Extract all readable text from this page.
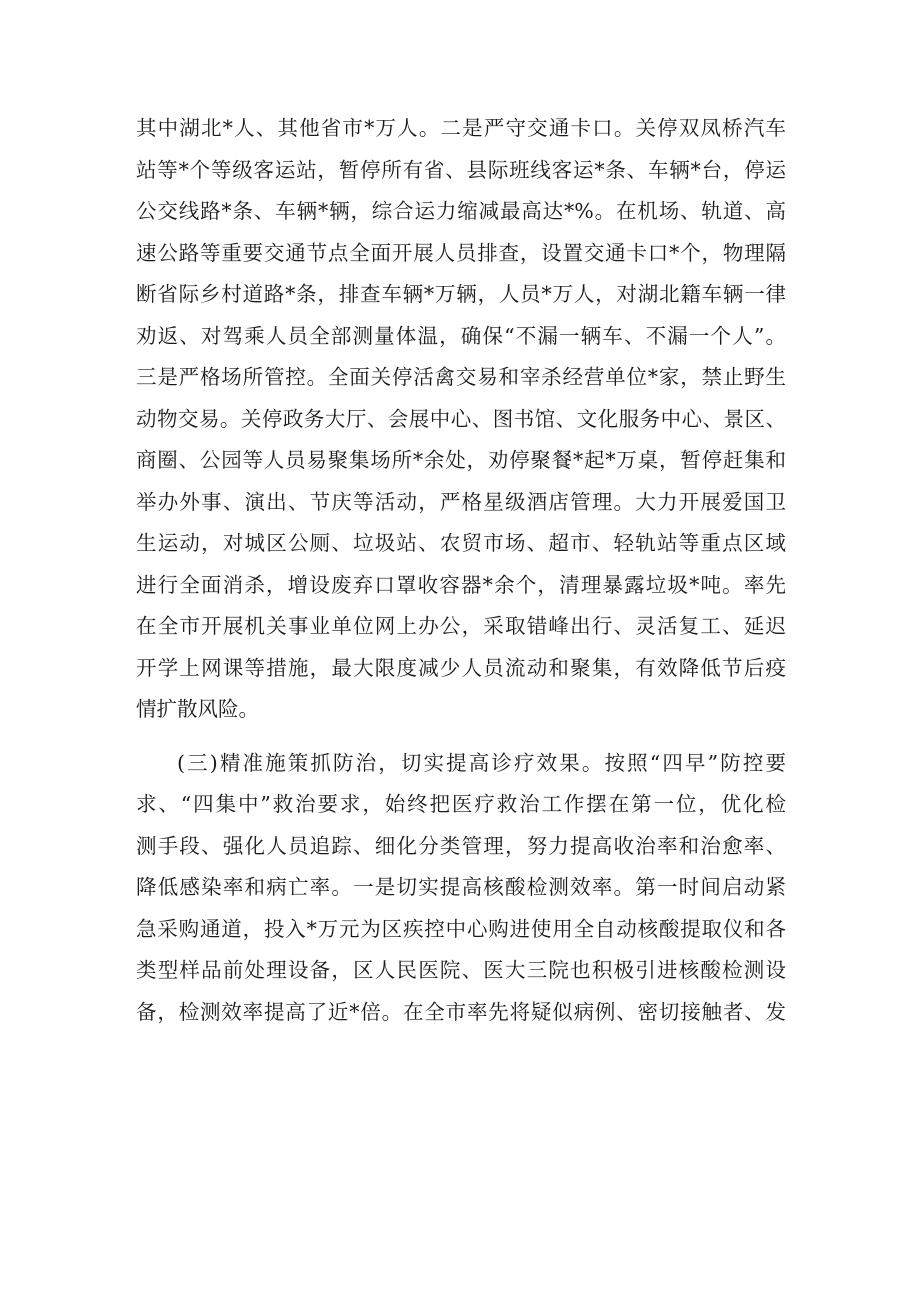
其中湖北*人、其他省市*万人。二是严守交通卡口。关停双凤桥汽车
站等*个等级客运站，暂停所有省、县际班线客运*条、车辆*台，停运
公交线路*条、车辆*辆，综合运力缩减最高达*%。在机场、轨道、高
速公路等重要交通节点全面开展人员排查，设置交通卡口*个，物理隔
断省际乡村道路*条，排查车辆*万辆，人员*万人，对湖北籍车辆一律
劝返、对驾乘人员全部测量体温，确保“不漏一辆车、不漏一个人”。
三是严格场所管控。全面关停活禽交易和宰杀经营单位*家，禁止野生
动物交易。关停政务大厅、会展中心、图书馆、文化服务中心、景区、
商圈、公园等人员易聚集场所*余处，劝停聚餐*起*万桌，暂停赶集和
举办外事、演出、节庆等活动，严格星级酒店管理。大力开展爱国卫
生运动，对城区公厕、垃圾站、农贸市场、超市、轻轨站等重点区域
进行全面消杀，增设废弃口罩收容器*余个，清理暴露垃圾*吨。率先
在全市开展机关事业单位网上办公，采取错峰出行、灵活复工、延迟
开学上网课等措施，最大限度减少人员流动和聚集，有效降低节后疫
情扩散风险。
(三)精准施策抓防治，切实提高诊疗效果。按照“四早”防控要
求、“四集中”救治要求，始终把医疗救治工作摆在第一位，优化检
测手段、强化人员追踪、细化分类管理，努力提高收治率和治愈率、
降低感染率和病亡率。一是切实提高核酸检测效率。第一时间启动紧
急采购通道，投入*万元为区疾控中心购进使用全自动核酸提取仪和各
类型样品前处理设备，区人民医院、医大三院也积极引进核酸检测设
备，检测效率提高了近*倍。在全市率先将疑似病例、密切接触者、发
